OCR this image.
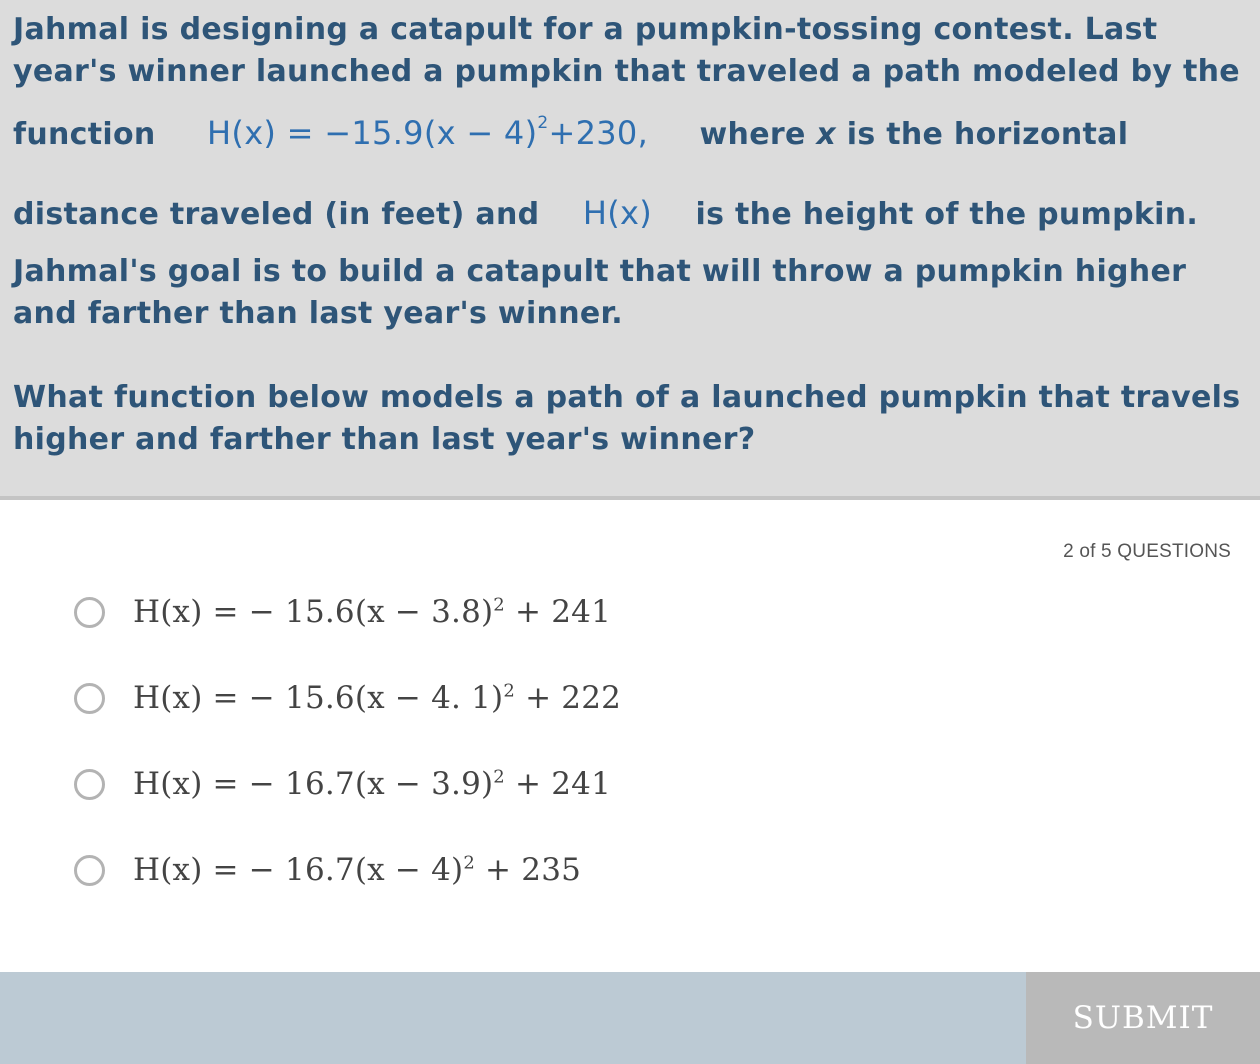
Jahmal is designing a catapult for a pumpkin-tossing contest. Last
year's winner launched a pumpkin that traveled a path modeled by the
function $H(x) = -15.9(x - 4)^2+230$, where x is the horizontal
distance traveled (in feet) and H(x) is the height of the pumpkin.
Jahmal's goal is to build a catapult that will throw a pumpkin higher
and farther than last year's winner.
What function below models a path of a launched pumpkin that travels
higher and farther than last year's winner?
2 of 5 QUESTIONS
H(x) = − $15.6(x - 3.8)^2 + 241$
H(x) = − 15.6(x − 4. 1)$^2$ + 222
H(x) = − $16.7(x - 3.9)^2 + 241$
H(x) = − $16.7(x - 4)^2 + 235$
SUBMIT
